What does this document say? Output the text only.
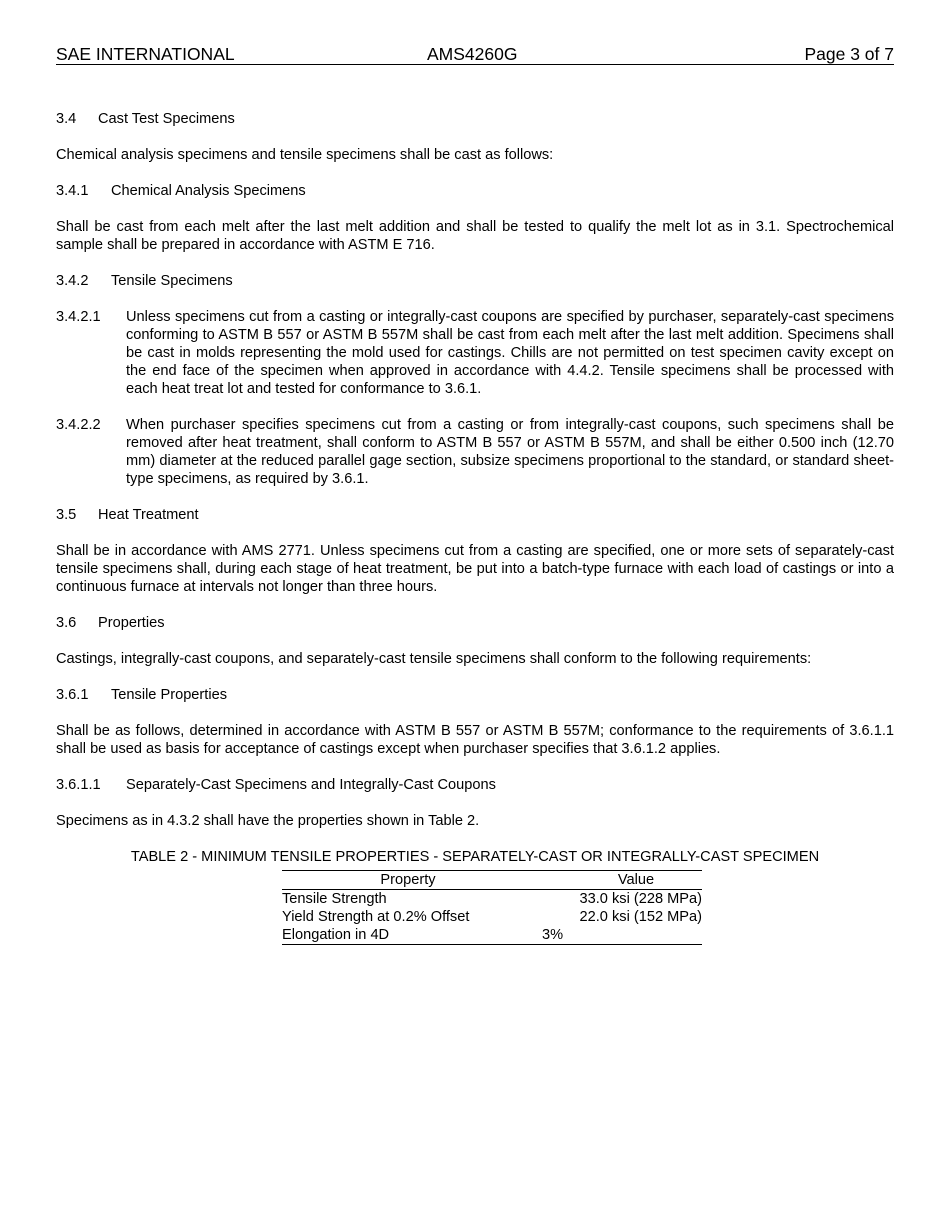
SAE INTERNATIONAL	AMS4260G	Page 3 of 7
3.4	Cast Test Specimens
Chemical analysis specimens and tensile specimens shall be cast as follows:
3.4.1	Chemical Analysis Specimens
Shall be cast from each melt after the last melt addition and shall be tested to qualify the melt lot as in 3.1. Spectrochemical sample shall be prepared in accordance with ASTM E 716.
3.4.2	Tensile Specimens
3.4.2.1	Unless specimens cut from a casting or integrally-cast coupons are specified by purchaser, separately-cast specimens conforming to ASTM B 557 or ASTM B 557M shall be cast from each melt after the last melt addition. Specimens shall be cast in molds representing the mold used for castings. Chills are not permitted on test specimen cavity except on the end face of the specimen when approved in accordance with 4.4.2. Tensile specimens shall be processed with each heat treat lot and tested for conformance to 3.6.1.
3.4.2.2	When purchaser specifies specimens cut from a casting or from integrally-cast coupons, such specimens shall be removed after heat treatment, shall conform to ASTM B 557 or ASTM B 557M, and shall be either 0.500 inch (12.70 mm) diameter at the reduced parallel gage section, subsize specimens proportional to the standard, or standard sheet-type specimens, as required by 3.6.1.
3.5	Heat Treatment
Shall be in accordance with AMS 2771. Unless specimens cut from a casting are specified, one or more sets of separately-cast tensile specimens shall, during each stage of heat treatment, be put into a batch-type furnace with each load of castings or into a continuous furnace at intervals not longer than three hours.
3.6	Properties
Castings, integrally-cast coupons, and separately-cast tensile specimens shall conform to the following requirements:
3.6.1	Tensile Properties
Shall be as follows, determined in accordance with ASTM B 557 or ASTM B 557M; conformance to the requirements of 3.6.1.1 shall be used as basis for acceptance of castings except when purchaser specifies that 3.6.1.2 applies.
3.6.1.1	Separately-Cast Specimens and Integrally-Cast Coupons
Specimens as in 4.3.2 shall have the properties shown in Table 2.
TABLE 2 - MINIMUM TENSILE PROPERTIES - SEPARATELY-CAST OR INTEGRALLY-CAST SPECIMEN
Property	Value
Tensile Strength	33.0 ksi (228 MPa)
Yield Strength at 0.2% Offset	22.0 ksi (152 MPa)
Elongation in 4D	3%
